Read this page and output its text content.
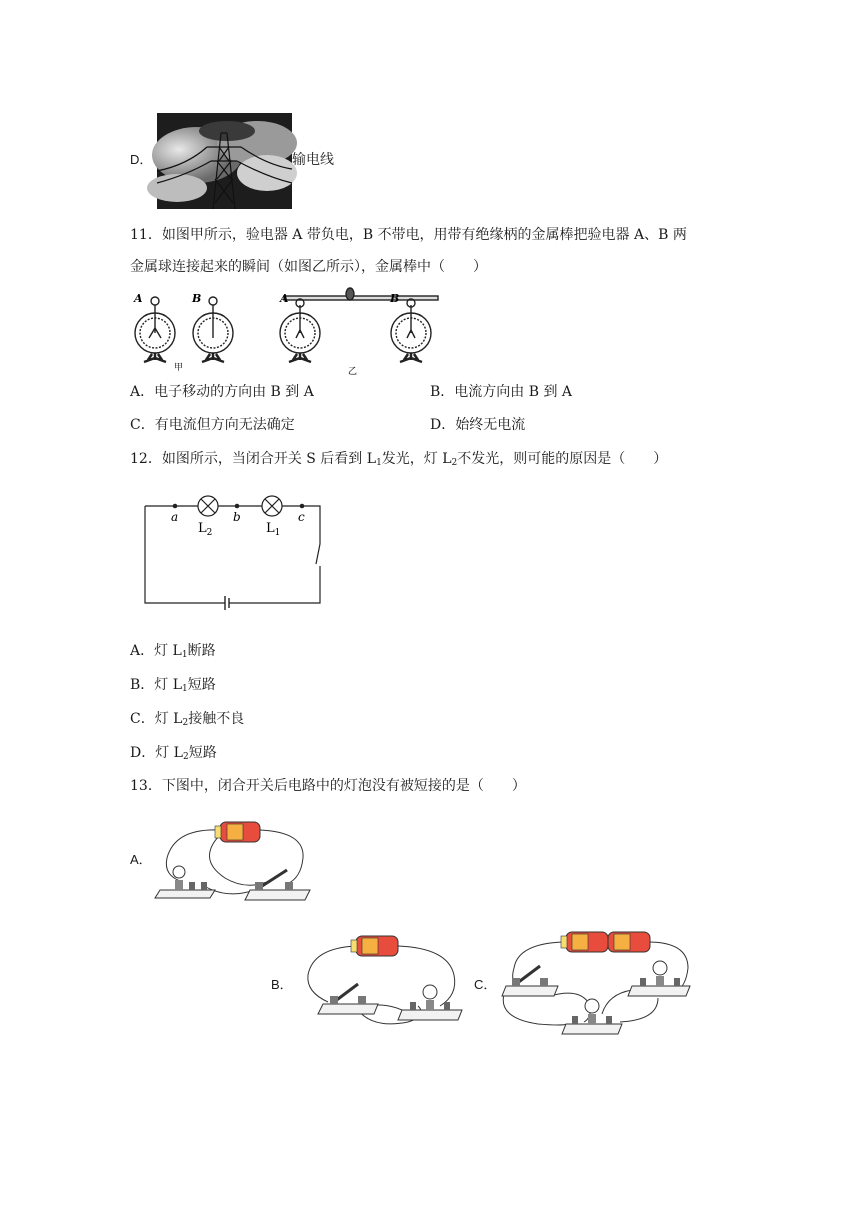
D．	输电线
11．如图甲所示，验电器 A 带负电，B 不带电，用带有绝缘柄的金属棒把验电器 A、B 两
金属球连接起来的瞬间（如图乙所示），金属棒中（　　）
A	B
甲
A	B
乙
A．电子移动的方向由 B 到 A	B．电流方向由 B 到 A
C．有电流但方向无法确定	D．始终无电流
12．如图所示，当闭合开关 S 后看到 $L_1$发光，灯 $L_2$不发光，则可能的原因是（　　）
a	b	c
$L_2$	$L_1$
A．灯 $L_1$断路
B．灯 $L_1$短路
C．灯 $L_2$接触不良
D．灯 $L_2$短路
13．下图中，闭合开关后电路中的灯泡没有被短接的是（　　）
A．
B．	C．
